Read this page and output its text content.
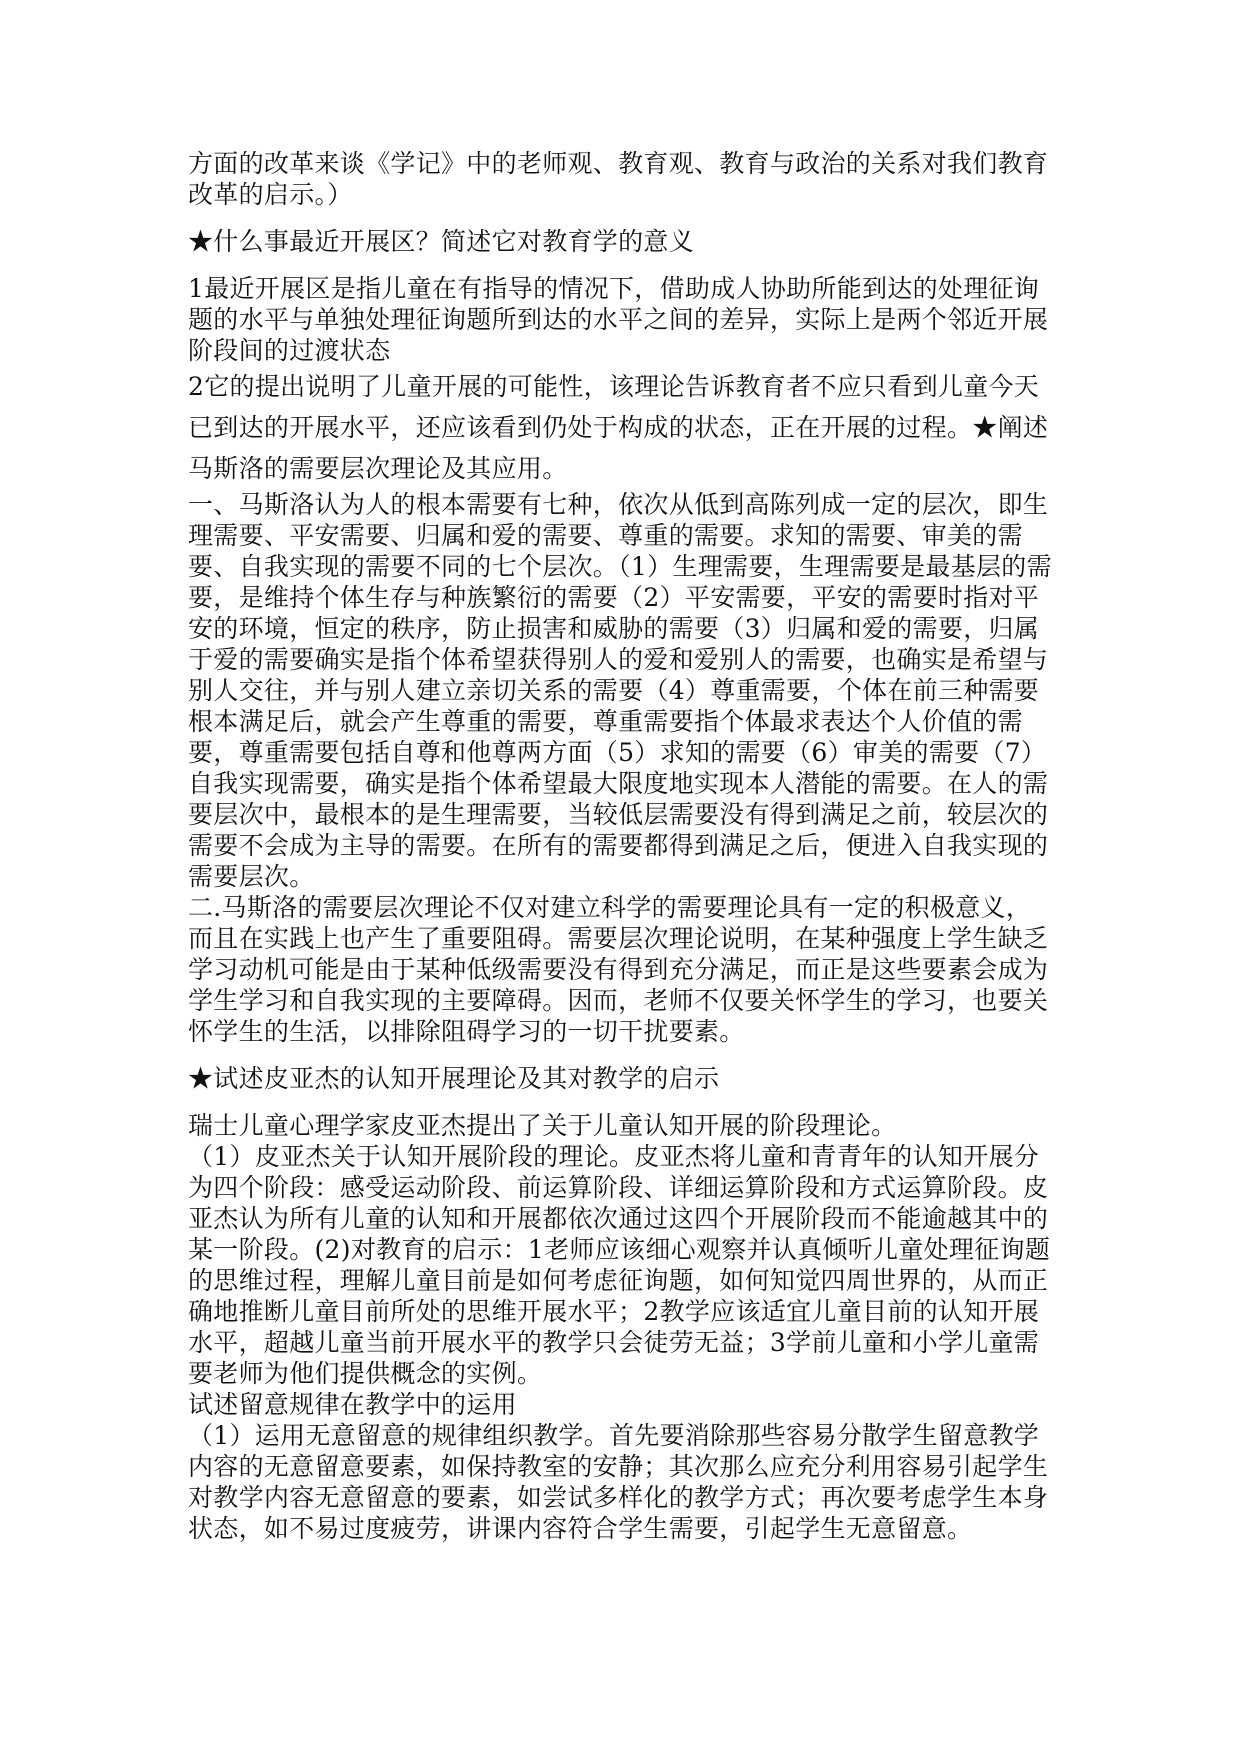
方面的改革来谈《学记》中的老师观、教育观、教育与政治的关系对我们教育改革的启示。）

★什么事最近开展区？简述它对教育学的意义

1最近开展区是指儿童在有指导的情况下，借助成人协助所能到达的处理征询题的水平与单独处理征询题所到达的水平之间的差异，实际上是两个邻近开展阶段间的过渡状态

2它的提出说明了儿童开展的可能性，该理论告诉教育者不应只看到儿童今天已到达的开展水平，还应该看到仍处于构成的状态，正在开展的过程。★阐述马斯洛的需要层次理论及其应用。

一、马斯洛认为人的根本需要有七种，依次从低到高陈列成一定的层次，即生理需要、平安需要、归属和爱的需要、尊重的需要。求知的需要、审美的需要、自我实现的需要不同的七个层次。（1）生理需要，生理需要是最基层的需要，是维持个体生存与种族繁衍的需要（2）平安需要，平安的需要时指对平安的环境，恒定的秩序，防止损害和威胁的需要（3）归属和爱的需要，归属于爱的需要确实是指个体希望获得别人的爱和爱别人的需要，也确实是希望与别人交往，并与别人建立亲切关系的需要（4）尊重需要，个体在前三种需要根本满足后，就会产生尊重的需要，尊重需要指个体最求表达个人价值的需要，尊重需要包括自尊和他尊两方面（5）求知的需要（6）审美的需要（7）自我实现需要，确实是指个体希望最大限度地实现本人潜能的需要。在人的需要层次中，最根本的是生理需要，当较低层需要没有得到满足之前，较层次的需要不会成为主导的需要。在所有的需要都得到满足之后，便进入自我实现的需要层次。

二.马斯洛的需要层次理论不仅对建立科学的需要理论具有一定的积极意义，而且在实践上也产生了重要阻碍。需要层次理论说明，在某种强度上学生缺乏学习动机可能是由于某种低级需要没有得到充分满足，而正是这些要素会成为学生学习和自我实现的主要障碍。因而，老师不仅要关怀学生的学习，也要关怀学生的生活，以排除阻碍学习的一切干扰要素。

★试述皮亚杰的认知开展理论及其对教学的启示

瑞士儿童心理学家皮亚杰提出了关于儿童认知开展的阶段理论。

（1）皮亚杰关于认知开展阶段的理论。皮亚杰将儿童和青青年的认知开展分为四个阶段：感受运动阶段、前运算阶段、详细运算阶段和方式运算阶段。皮亚杰认为所有儿童的认知和开展都依次通过这四个开展阶段而不能逾越其中的某一阶段。(2)对教育的启示：1老师应该细心观察并认真倾听儿童处理征询题的思维过程，理解儿童目前是如何考虑征询题，如何知觉四周世界的，从而正确地推断儿童目前所处的思维开展水平；2教学应该适宜儿童目前的认知开展水平，超越儿童当前开展水平的教学只会徒劳无益；3学前儿童和小学儿童需要老师为他们提供概念的实例。

试述留意规律在教学中的运用

（1）运用无意留意的规律组织教学。首先要消除那些容易分散学生留意教学内容的无意留意要素，如保持教室的安静；其次那么应充分利用容易引起学生对教学内容无意留意的要素，如尝试多样化的教学方式；再次要考虑学生本身状态，如不易过度疲劳，讲课内容符合学生需要，引起学生无意留意。
